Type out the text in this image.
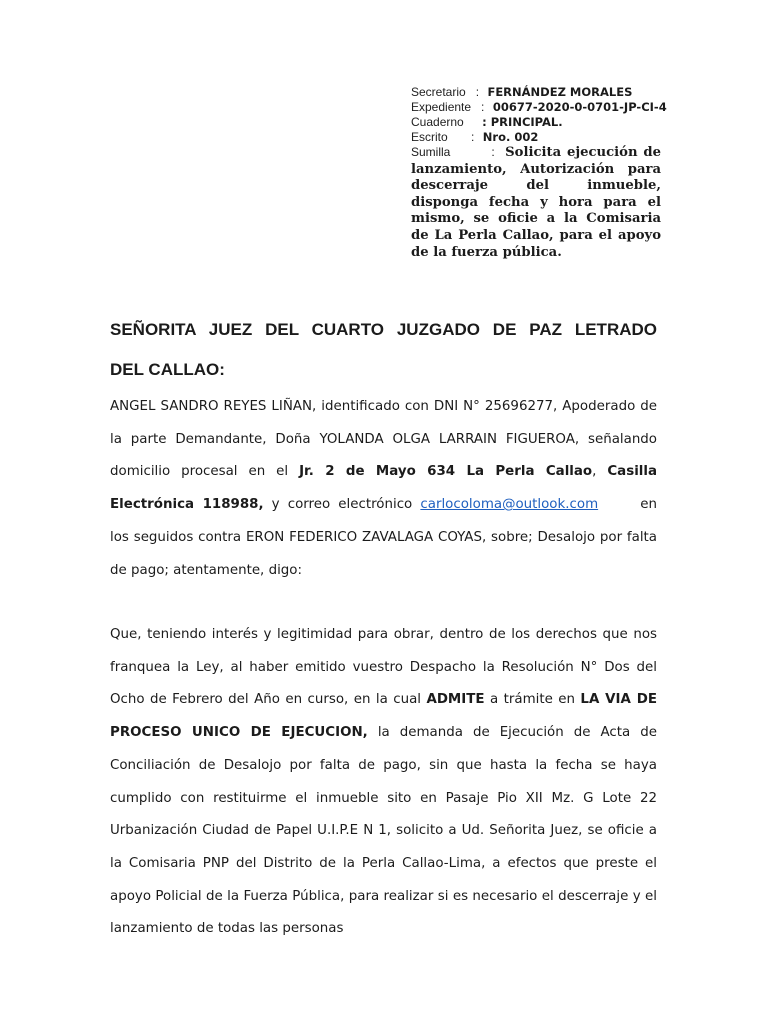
Secretario   :  FERNÁNDEZ MORALES
Expediente   :  00677-2020-0-0701-JP-CI-4
Cuaderno : PRINCIPAL.
Escrito       :  Nro. 002
Sumilla         :  Solicita ejecución de lanzamiento, Autorización para descerraje del inmueble, disponga fecha y hora para el mismo, se oficie a la Comisaria de La Perla Callao, para el apoyo de la fuerza pública.

SEÑORITA JUEZ DEL CUARTO JUZGADO DE PAZ LETRADO

DEL CALLAO:

ANGEL SANDRO REYES LIÑAN, identificado con DNI N° 25696277, Apoderado de la parte Demandante, Doña YOLANDA OLGA LARRAIN FIGUEROA, señalando domicilio procesal en el Jr. 2 de Mayo 634 La Perla Callao, Casilla Electrónica 118988, y correo electrónico carlocoloma@outlook.com	en los seguidos contra ERON FEDERICO ZAVALAGA COYAS, sobre; Desalojo por falta de pago; atentamente, digo:

Que, teniendo interés y legitimidad para obrar, dentro de los derechos que nos franquea la Ley, al haber emitido vuestro Despacho la Resolución N° Dos del Ocho de Febrero del Año en curso, en la cual ADMITE a trámite en LA VIA DE PROCESO UNICO DE EJECUCION, la demanda de Ejecución de Acta de Conciliación de Desalojo por falta de pago, sin que hasta la fecha se haya cumplido con restituirme el inmueble sito en Pasaje Pio XII Mz. G Lote 22 Urbanización Ciudad de Papel U.I.P.E N 1, solicito a Ud. Señorita Juez, se oficie a la Comisaria PNP del Distrito de la Perla Callao-Lima, a efectos que preste el apoyo Policial de la Fuerza Pública, para realizar si es necesario el descerraje y el lanzamiento de todas las personas
